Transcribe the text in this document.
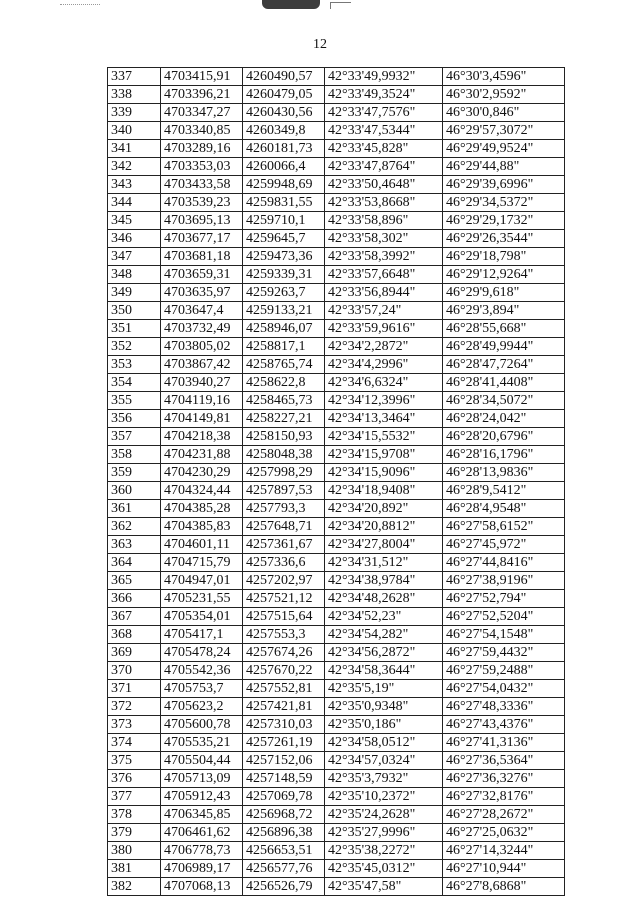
12
337	4703415,91	4260490,57	42°33'49,9932"	46°30'3,4596"
338	4703396,21	4260479,05	42°33'49,3524"	46°30'2,9592"
339	4703347,27	4260430,56	42°33'47,7576"	46°30'0,846"
340	4703340,85	4260349,8	42°33'47,5344"	46°29'57,3072"
341	4703289,16	4260181,73	42°33'45,828"	46°29'49,9524"
342	4703353,03	4260066,4	42°33'47,8764"	46°29'44,88"
343	4703433,58	4259948,69	42°33'50,4648"	46°29'39,6996"
344	4703539,23	4259831,55	42°33'53,8668"	46°29'34,5372"
345	4703695,13	4259710,1	42°33'58,896"	46°29'29,1732"
346	4703677,17	4259645,7	42°33'58,302"	46°29'26,3544"
347	4703681,18	4259473,36	42°33'58,3992"	46°29'18,798"
348	4703659,31	4259339,31	42°33'57,6648"	46°29'12,9264"
349	4703635,97	4259263,7	42°33'56,8944"	46°29'9,618"
350	4703647,4	4259133,21	42°33'57,24"	46°29'3,894"
351	4703732,49	4258946,07	42°33'59,9616"	46°28'55,668"
352	4703805,02	4258817,1	42°34'2,2872"	46°28'49,9944"
353	4703867,42	4258765,74	42°34'4,2996"	46°28'47,7264"
354	4703940,27	4258622,8	42°34'6,6324"	46°28'41,4408"
355	4704119,16	4258465,73	42°34'12,3996"	46°28'34,5072"
356	4704149,81	4258227,21	42°34'13,3464"	46°28'24,042"
357	4704218,38	4258150,93	42°34'15,5532"	46°28'20,6796"
358	4704231,88	4258048,38	42°34'15,9708"	46°28'16,1796"
359	4704230,29	4257998,29	42°34'15,9096"	46°28'13,9836"
360	4704324,44	4257897,53	42°34'18,9408"	46°28'9,5412"
361	4704385,28	4257793,3	42°34'20,892"	46°28'4,9548"
362	4704385,83	4257648,71	42°34'20,8812"	46°27'58,6152"
363	4704601,11	4257361,67	42°34'27,8004"	46°27'45,972"
364	4704715,79	4257336,6	42°34'31,512"	46°27'44,8416"
365	4704947,01	4257202,97	42°34'38,9784"	46°27'38,9196"
366	4705231,55	4257521,12	42°34'48,2628"	46°27'52,794"
367	4705354,01	4257515,64	42°34'52,23"	46°27'52,5204"
368	4705417,1	4257553,3	42°34'54,282"	46°27'54,1548"
369	4705478,24	4257674,26	42°34'56,2872"	46°27'59,4432"
370	4705542,36	4257670,22	42°34'58,3644"	46°27'59,2488"
371	4705753,7	4257552,81	42°35'5,19"	46°27'54,0432"
372	4705623,2	4257421,81	42°35'0,9348"	46°27'48,3336"
373	4705600,78	4257310,03	42°35'0,186"	46°27'43,4376"
374	4705535,21	4257261,19	42°34'58,0512"	46°27'41,3136"
375	4705504,44	4257152,06	42°34'57,0324"	46°27'36,5364"
376	4705713,09	4257148,59	42°35'3,7932"	46°27'36,3276"
377	4705912,43	4257069,78	42°35'10,2372"	46°27'32,8176"
378	4706345,85	4256968,72	42°35'24,2628"	46°27'28,2672"
379	4706461,62	4256896,38	42°35'27,9996"	46°27'25,0632"
380	4706778,73	4256653,51	42°35'38,2272"	46°27'14,3244"
381	4706989,17	4256577,76	42°35'45,0312"	46°27'10,944"
382	4707068,13	4256526,79	42°35'47,58"	46°27'8,6868"
